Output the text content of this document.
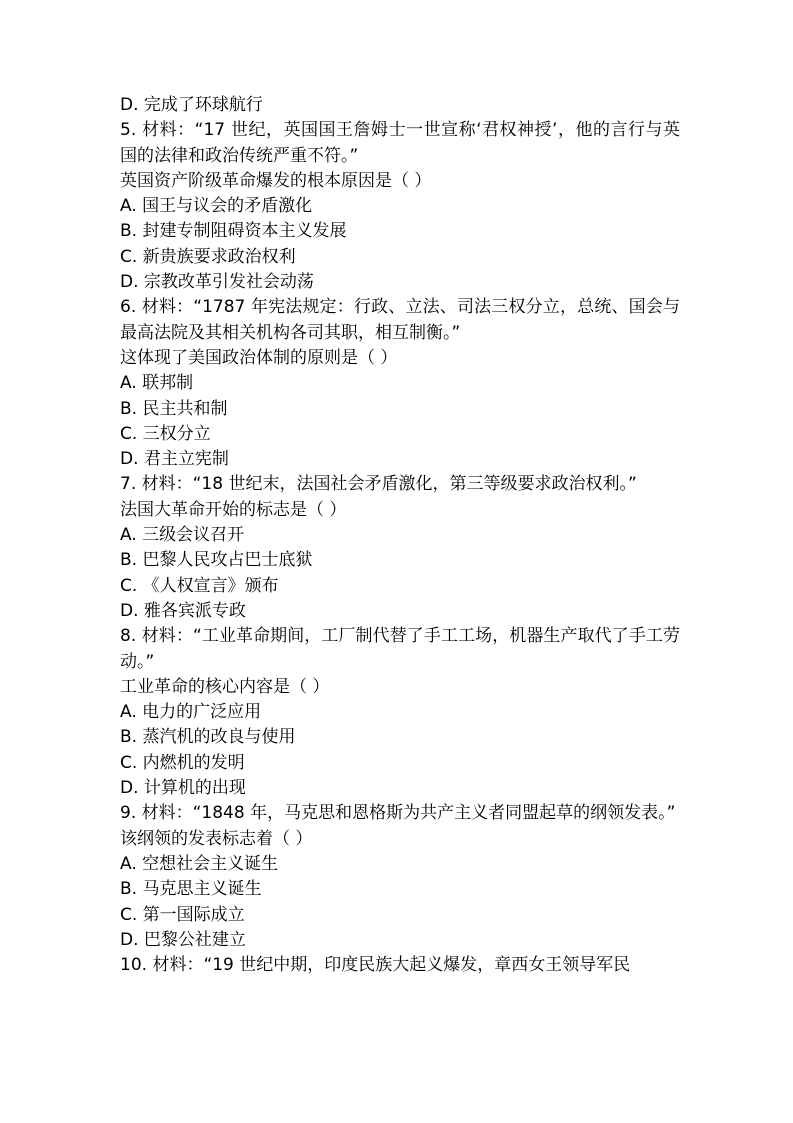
D. 完成了环球航行
5. 材料：“17 世纪，英国国王詹姆士一世宣称‘君权神授’，他的言行与英国的法律和政治传统严重不符。”
英国资产阶级革命爆发的根本原因是（ ）
A. 国王与议会的矛盾激化
B. 封建专制阻碍资本主义发展
C. 新贵族要求政治权利
D. 宗教改革引发社会动荡
6. 材料：“1787 年宪法规定：行政、立法、司法三权分立，总统、国会与最高法院及其相关机构各司其职，相互制衡。”
这体现了美国政治体制的原则是（ ）
A. 联邦制
B. 民主共和制
C. 三权分立
D. 君主立宪制
7. 材料：“18 世纪末，法国社会矛盾激化，第三等级要求政治权利。”
法国大革命开始的标志是（ ）
A. 三级会议召开
B. 巴黎人民攻占巴士底狱
C. 《人权宣言》颁布
D. 雅各宾派专政
8. 材料：“工业革命期间，工厂制代替了手工工场，机器生产取代了手工劳动。”
工业革命的核心内容是（ ）
A. 电力的广泛应用
B. 蒸汽机的改良与使用
C. 内燃机的发明
D. 计算机的出现
9. 材料：“1848 年，马克思和恩格斯为共产主义者同盟起草的纲领发表。”
该纲领的发表标志着（ ）
A. 空想社会主义诞生
B. 马克思主义诞生
C. 第一国际成立
D. 巴黎公社建立
10. 材料：“19 世纪中期，印度民族大起义爆发，章西女王领导军民
